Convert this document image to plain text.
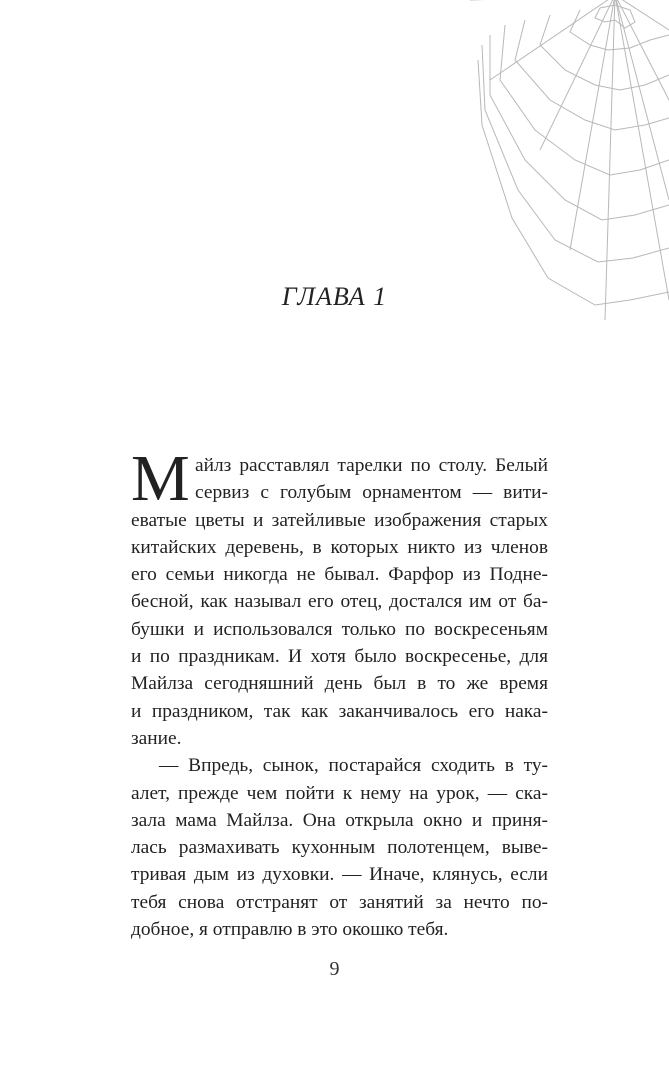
ГЛАВА 1
М айлз расставлял тарелки по столу. Белый
сервиз с голубым орнаментом — вити-
еватые цветы и затейливые изображения старых
китайских деревень, в которых никто из членов
его семьи никогда не бывал. Фарфор из Подне-
бесной, как называл его отец, достался им от ба-
бушки и использовался только по воскресеньям
и по праздникам. И хотя было воскресенье, для
Майлза сегодняшний день был в то же время
и праздником, так как заканчивалось его нака-
зание.
— Впредь, сынок, постарайся сходить в ту-
алет, прежде чем пойти к нему на урок, — ска-
зала мама Майлза. Она открыла окно и приня-
лась размахивать кухонным полотенцем, выве-
тривая дым из духовки. — Иначе, клянусь, если
тебя снова отстранят от занятий за нечто по-
добное, я отправлю в это окошко тебя.
9
